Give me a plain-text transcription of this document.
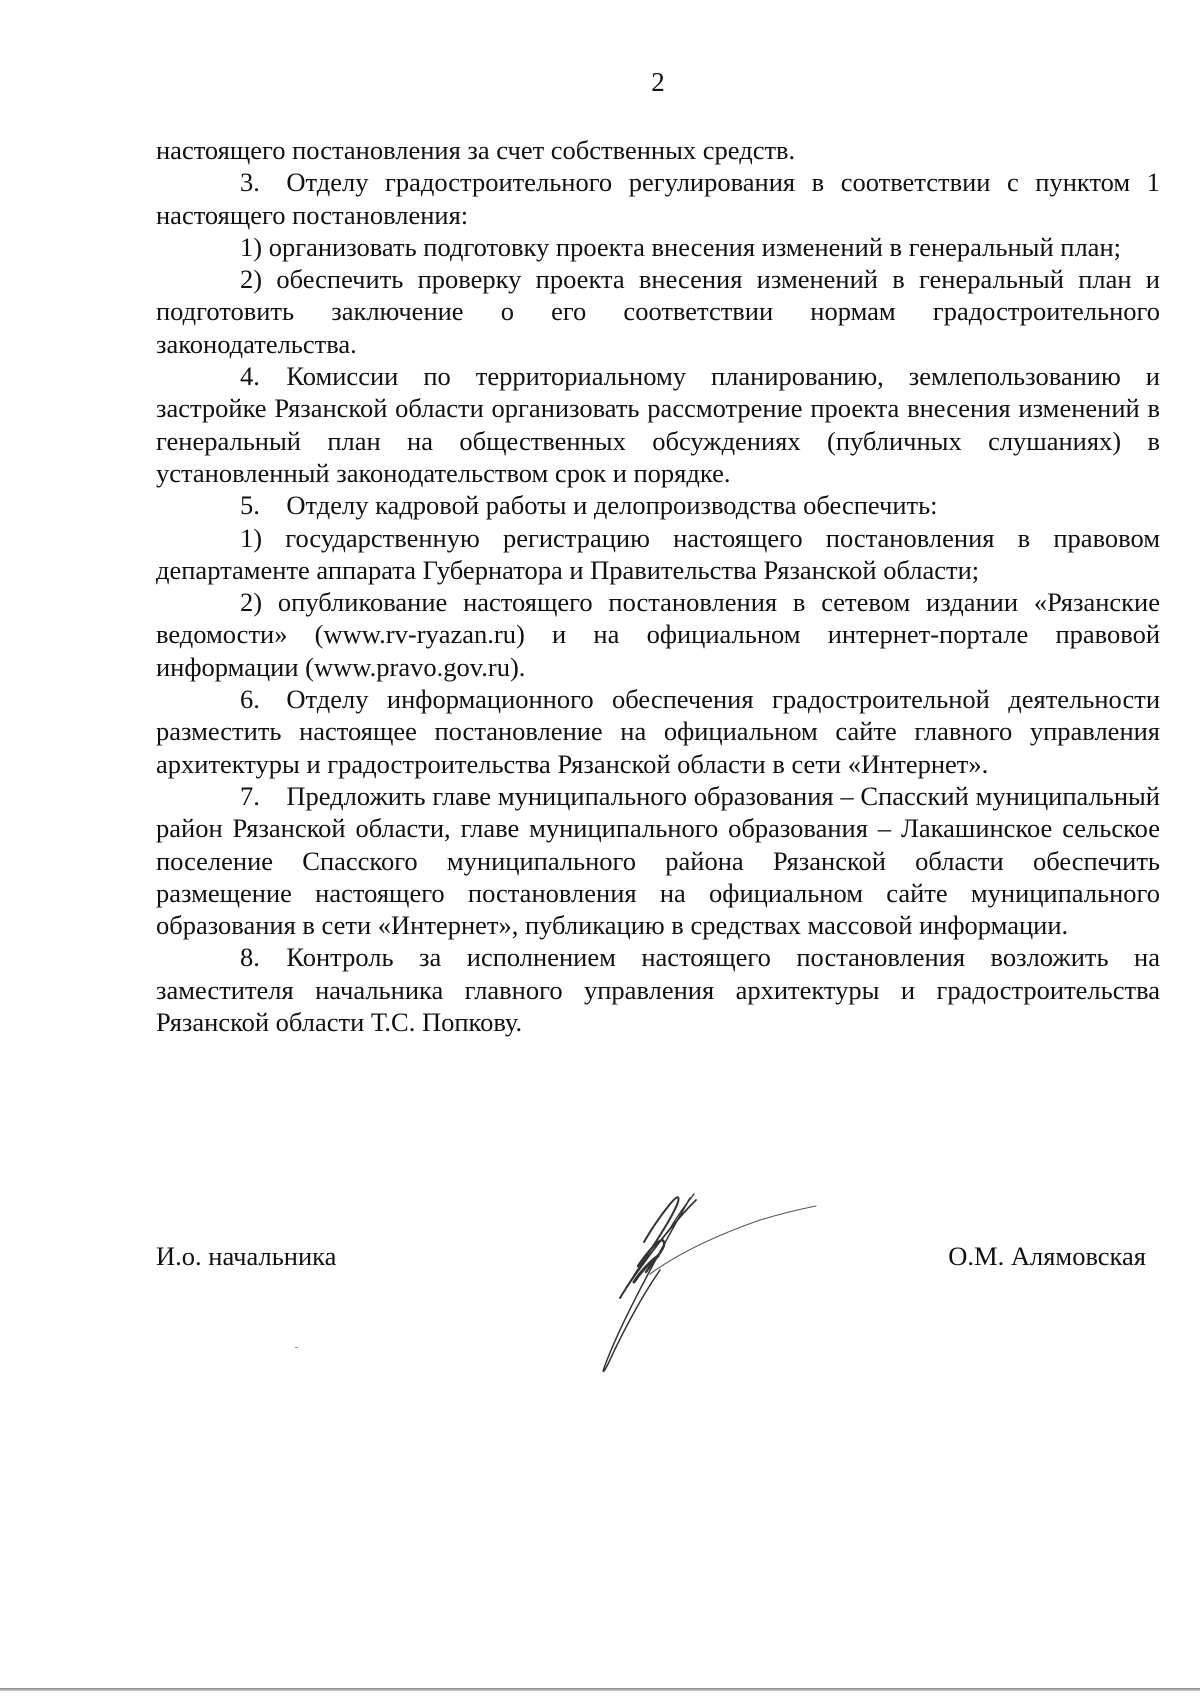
2

настоящего постановления за счет собственных средств.

3. Отделу градостроительного регулирования в соответствии с пунктом 1 настоящего постановления:

1) организовать подготовку проекта внесения изменений в генеральный план;

2) обеспечить проверку проекта внесения изменений в генеральный план и подготовить заключение о его соответствии нормам градостроительного законодательства.

4. Комиссии по территориальному планированию, землепользованию и застройке Рязанской области организовать рассмотрение проекта внесения изменений в генеральный план на общественных обсуждениях (публичных слушаниях) в установленный законодательством срок и порядке.

5. Отделу кадровой работы и делопроизводства обеспечить:

1) государственную регистрацию настоящего постановления в правовом департаменте аппарата Губернатора и Правительства Рязанской области;

2) опубликование настоящего постановления в сетевом издании «Рязанские ведомости» (www.rv-ryazan.ru) и на официальном интернет-портале правовой информации (www.pravo.gov.ru).

6. Отделу информационного обеспечения градостроительной деятельности разместить настоящее постановление на официальном сайте главного управления архитектуры и градостроительства Рязанской области в сети «Интернет».

7. Предложить главе муниципального образования – Спасский муниципальный район Рязанской области, главе муниципального образования – Лакашинское сельское поселение Спасского муниципального района Рязанской области обеспечить размещение настоящего постановления на официальном сайте муниципального образования в сети «Интернет», публикацию в средствах массовой информации.

8. Контроль за исполнением настоящего постановления возложить на заместителя начальника главного управления архитектуры и градостроительства Рязанской области Т.С. Попкову.

И.о. начальника	О.М. Алямовская
